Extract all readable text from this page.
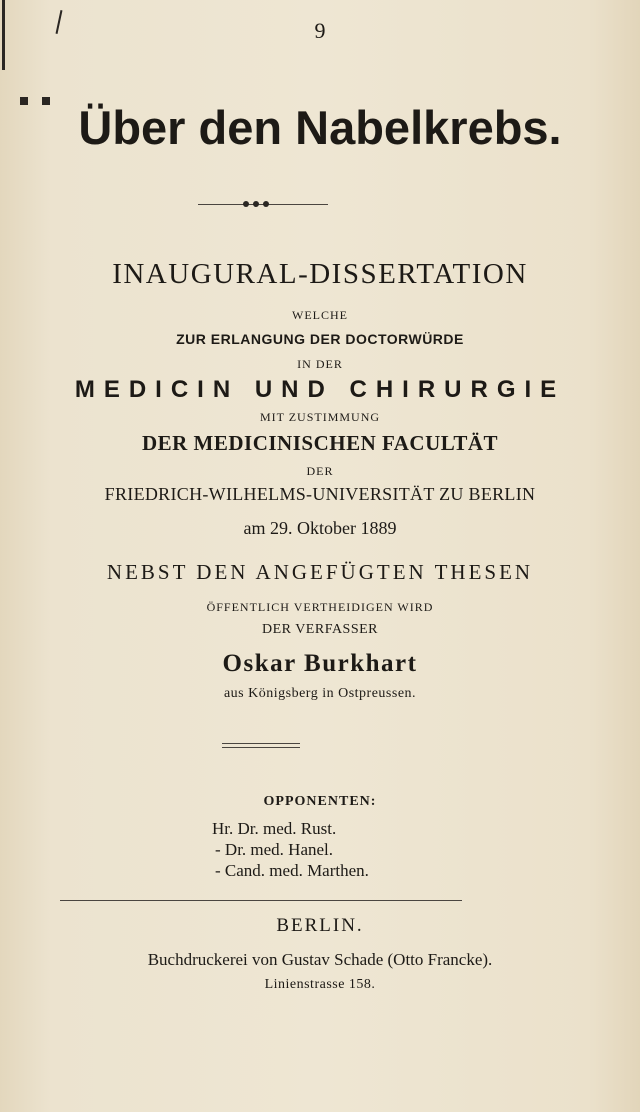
9

Über den Nabelkrebs.
INAUGURAL-DISSERTATION
WELCHE
ZUR ERLANGUNG DER DOCTORWÜRDE
IN DER
MEDICIN UND CHIRURGIE
MIT ZUSTIMMUNG
DER MEDICINISCHEN FACULTÄT
DER
FRIEDRICH-WILHELMS-UNIVERSITÄT ZU BERLIN
am 29. Oktober 1889
NEBST DEN ANGEFÜGTEN THESEN
ÖFFENTLICH VERTHEIDIGEN WIRD
DER VERFASSER
Oskar Burkhart
aus Königsberg in Ostpreussen.
OPPONENTEN:
Hr. Dr. med. Rust.
- Dr. med. Hanel.
- Cand. med. Marthen.
BERLIN.
Buchdruckerei von Gustav Schade (Otto Francke).
Linienstrasse 158.
